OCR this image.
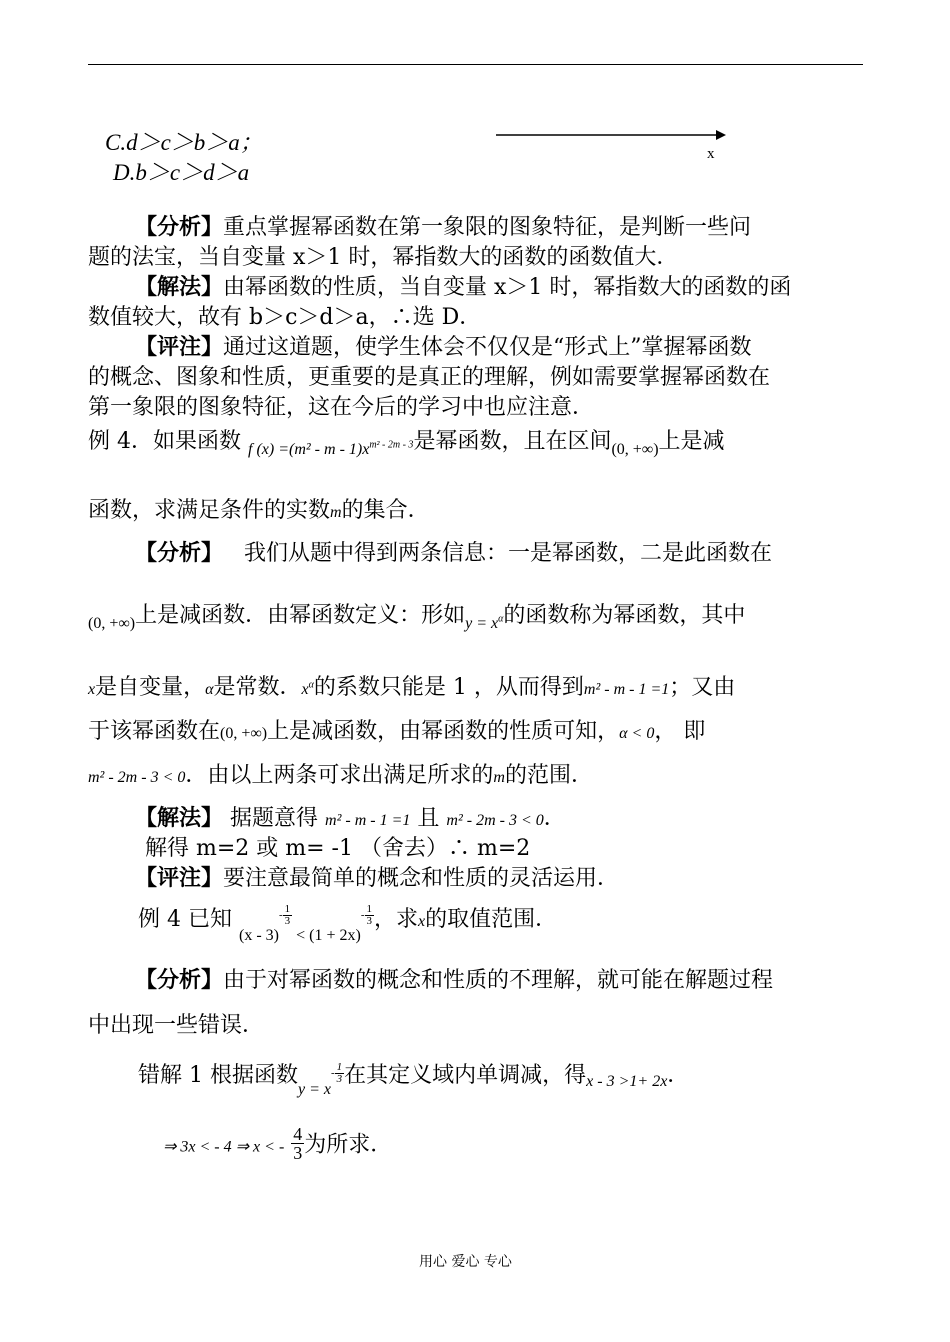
C.d＞c＞b＞a；
D.b＞c＞d＞a
x
【分析】重点掌握幂函数在第一象限的图象特征，是判断一些问
题的法宝，当自变量 x＞1 时，幂指数大的函数的函数值大．
【解法】由幂函数的性质，当自变量 x＞1 时，幂指数大的函数的函
数值较大，故有 b＞c＞d＞a，∴选 D．
【评注】通过这道题，使学生体会不仅仅是“形式上”掌握幂函数
的概念、图象和性质，更重要的是真正的理解，例如需要掌握幂函数在
第一象限的图象特征，这在今后的学习中也应注意．
例 4．如果函数 $_{f (x) =(m^2 - m - 1)x^{m^2 - 2m - 3}}$是幂函数，且在区间$_{(0, +\infty)}$上是减
函数，求满足条件的实数m的集合．
【分析】 我们从题中得到两条信息：一是幂函数，二是此函数在
$_{(0, +\infty)}$上是减函数．由幂函数定义：形如$_{y = x^\alpha}$的函数称为幂函数，其中
x是自变量，α是常数．$x^\alpha$的系数只能是 1 ，从而得到m² - m - 1 =1；又由
于该幂函数在(0, +∞)上是减函数，由幂函数的性质可知，α < 0， 即
m² - 2m - 3 < 0．由以上两条可求出满足所求的m的范围．
【解法】 据题意得 m² - m - 1 =1 且 m² - 2m - 3 < 0．
解得 m=2 或 m= -1 （舍去）∴ m=2
【评注】要注意最简单的概念和性质的灵活运用．
例 4 已知 $_{(x - 3)^{- \frac{1}{3}} < (1 + 2x)^{- \frac{1}{3}}}$ ，求x的取值范围．
【分析】由于对幂函数的概念和性质的不理解，就可能在解题过程
中出现一些错误．
错解 1 根据函数$_{y = x^{- \frac{1}{3}}}$ 在其定义域内单调减，得x - 3 >1+ 2x．
⇒ 3x < - 4 ⇒ x < - $\frac{4}{3}$ 为所求．
用心 爱心 专心
